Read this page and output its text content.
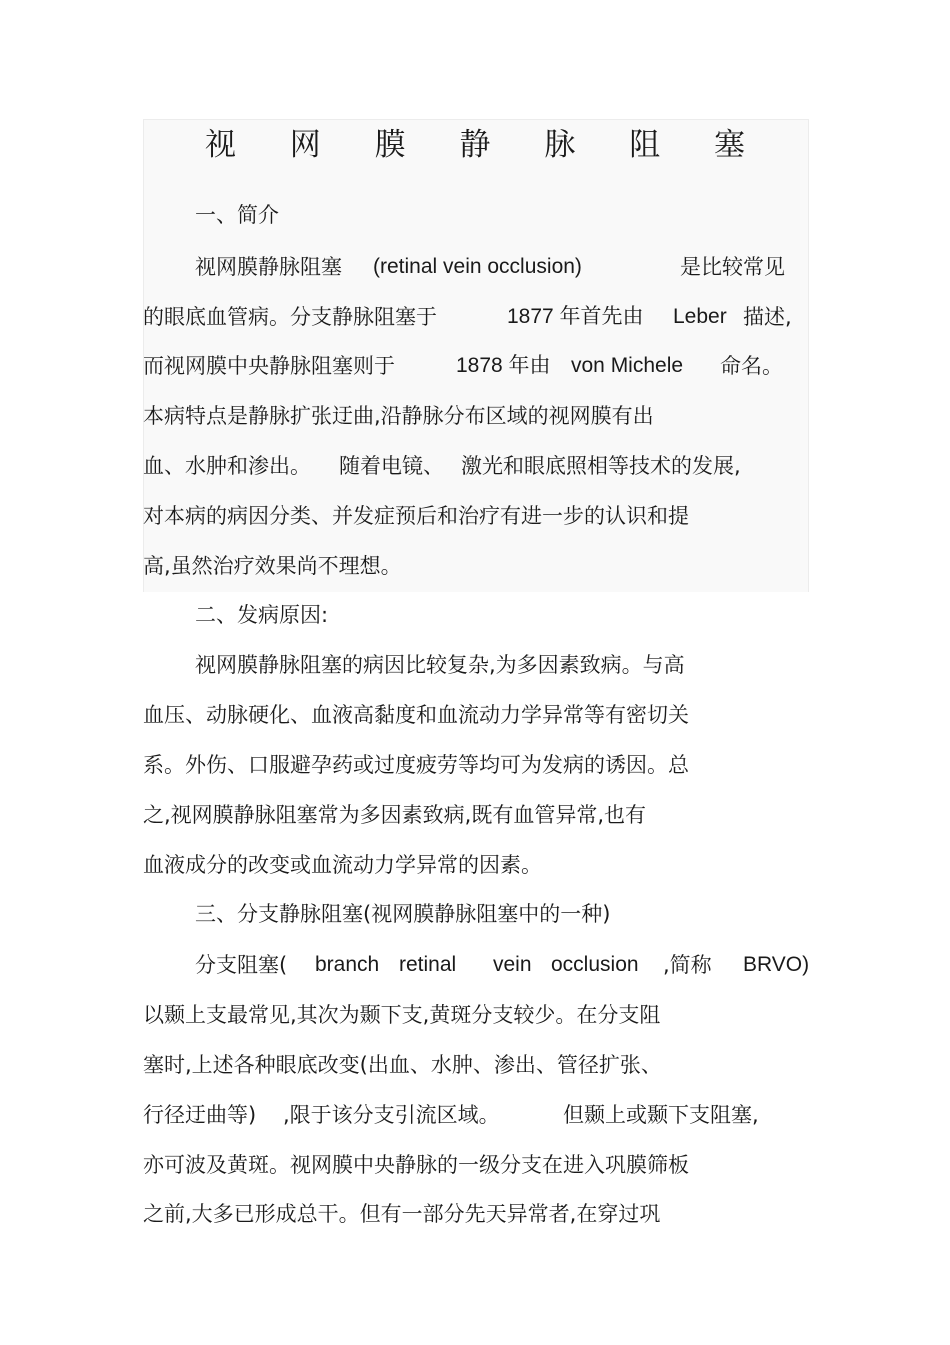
视 网 膜 静 脉 阻 塞

一、简介

视网膜静脉阻塞 (retinal vein occlusion)	是比较常见
的眼底血管病。分支静脉阻塞于	1877 年首先由 Leber 描述,
而视网膜中央静脉阻塞则于	1878 年由 von Michele 命名。

本病特点是静脉扩张迂曲,沿静脉分布区域的视网膜有出

血、水肿和渗出。 随着电镜、 激光和眼底照相等技术的发展,

对本病的病因分类、并发症预后和治疗有进一步的认识和提

高,虽然治疗效果尚不理想。

二、发病原因:

视网膜静脉阻塞的病因比较复杂,为多因素致病。与高

血压、动脉硬化、血液高黏度和血流动力学异常等有密切关

系。外伤、口服避孕药或过度疲劳等均可为发病的诱因。总

之,视网膜静脉阻塞常为多因素致病,既有血管异常,也有

血液成分的改变或血流动力学异常的因素。

三、分支静脉阻塞(视网膜静脉阻塞中的一种)

分支阻塞( branch retinal vein occlusion ,简称 BRVO)

以颞上支最常见,其次为颞下支,黄斑分支较少。在分支阻

塞时,上述各种眼底改变(出血、水肿、渗出、管径扩张、

行径迂曲等) ,限于该分支引流区域。	但颞上或颞下支阻塞,

亦可波及黄斑。视网膜中央静脉的一级分支在进入巩膜筛板

之前,大多已形成总干。但有一部分先天异常者,在穿过巩
